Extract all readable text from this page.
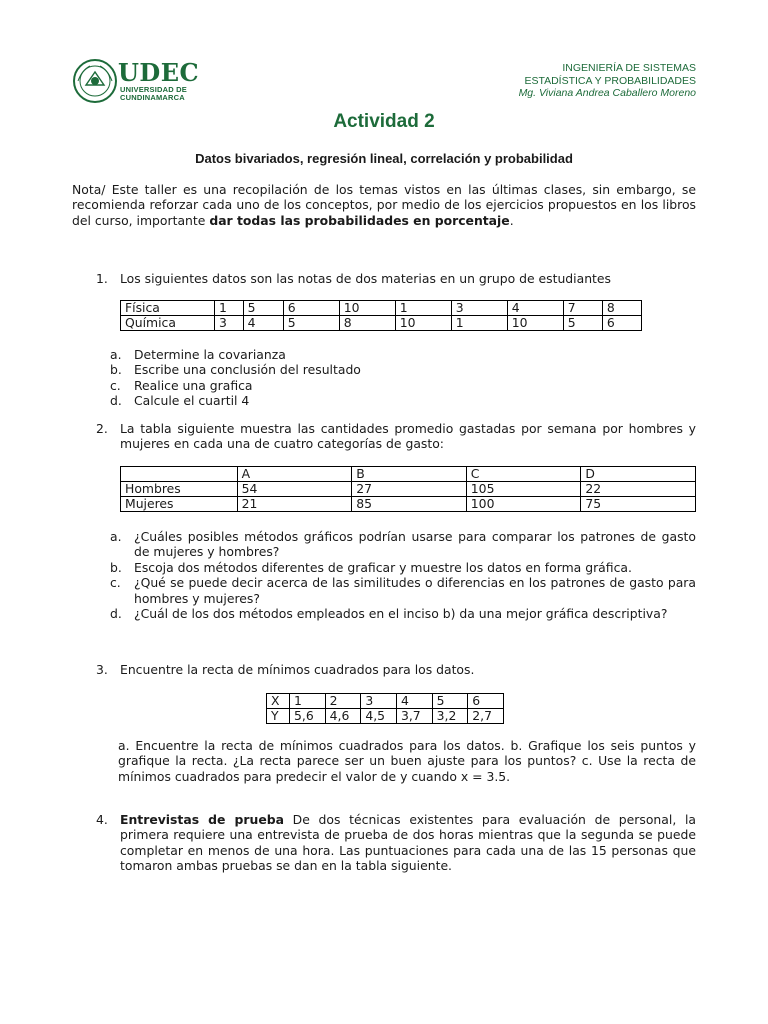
UDEC
UNIVERSIDAD DE
CUNDINAMARCA
INGENIERÍA DE SISTEMAS
ESTADÍSTICA Y PROBABILIDADES
Mg. Viviana Andrea Caballero Moreno
Actividad 2
Datos bivariados, regresión lineal, correlación y probabilidad
Nota/ Este taller es una recopilación de los temas vistos en las últimas clases, sin embargo, se recomienda reforzar cada uno de los conceptos, por medio de los ejercicios propuestos en los libros del curso, importante dar todas las probabilidades en porcentaje.
1. Los siguientes datos son las notas de dos materias en un grupo de estudiantes
Física	1	5	6	10	1	3	4	7	8
Química	3	4	5	8	10	1	10	5	6
a. Determine la covarianza
b. Escribe una conclusión del resultado
c. Realice una grafica
d. Calcule el cuartil 4
2. La tabla siguiente muestra las cantidades promedio gastadas por semana por hombres y mujeres en cada una de cuatro categorías de gasto:
	A	B	C	D
Hombres	54	27	105	22
Mujeres	21	85	100	75
a. ¿Cuáles posibles métodos gráficos podrían usarse para comparar los patrones de gasto de mujeres y hombres?
b. Escoja dos métodos diferentes de graficar y muestre los datos en forma gráfica.
c. ¿Qué se puede decir acerca de las similitudes o diferencias en los patrones de gasto para hombres y mujeres?
d. ¿Cuál de los dos métodos empleados en el inciso b) da una mejor gráfica descriptiva?
3. Encuentre la recta de mínimos cuadrados para los datos.
X	1	2	3	4	5	6
Y	5,6	4,6	4,5	3,7	3,2	2,7
a. Encuentre la recta de mínimos cuadrados para los datos. b. Grafique los seis puntos y grafique la recta. ¿La recta parece ser un buen ajuste para los puntos? c. Use la recta de mínimos cuadrados para predecir el valor de y cuando x = 3.5.
4. Entrevistas de prueba De dos técnicas existentes para evaluación de personal, la primera requiere una entrevista de prueba de dos horas mientras que la segunda se puede completar en menos de una hora. Las puntuaciones para cada una de las 15 personas que tomaron ambas pruebas se dan en la tabla siguiente.
